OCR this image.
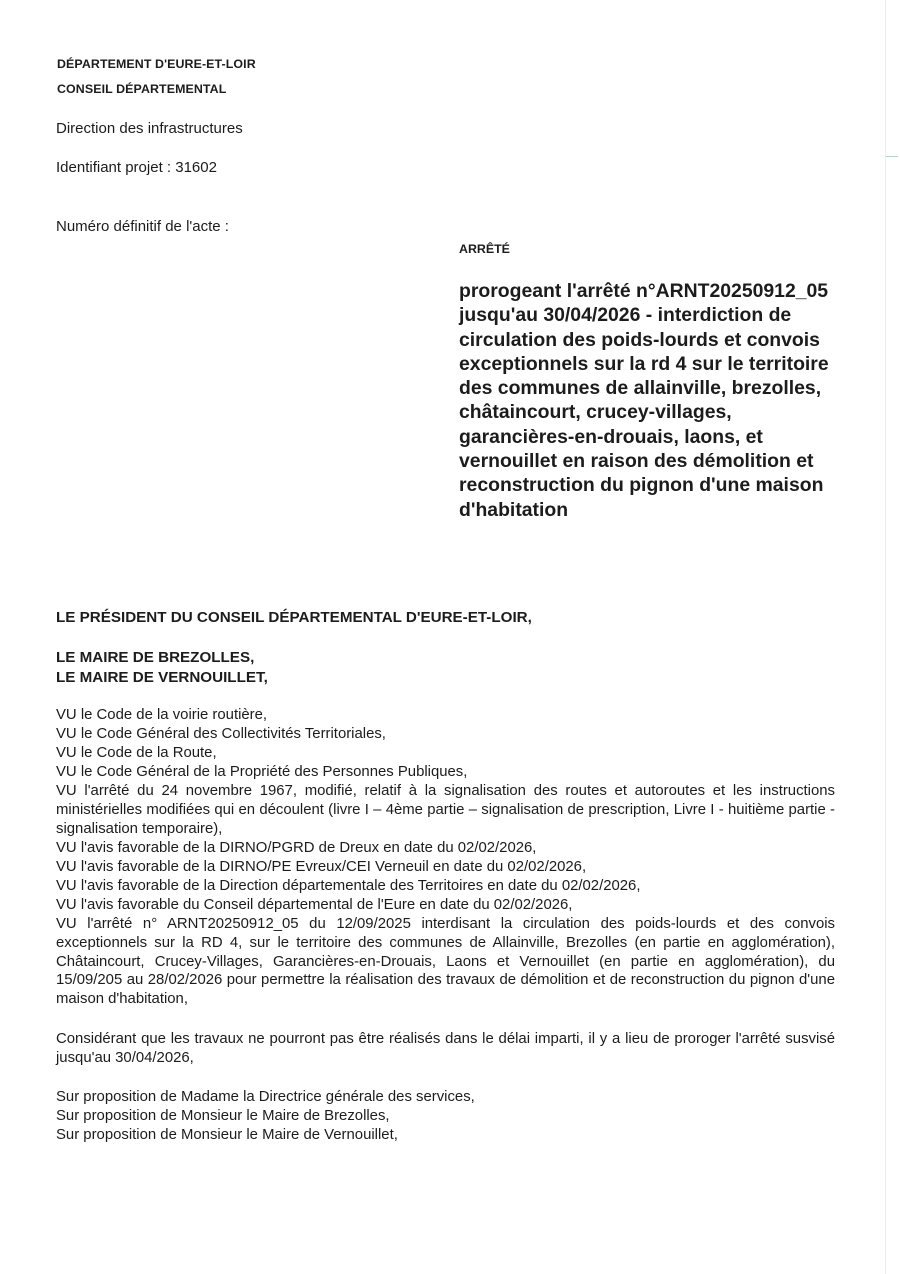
DÉPARTEMENT D'EURE-ET-LOIR
CONSEIL DÉPARTEMENTAL
Direction des infrastructures
Identifiant projet : 31602
Numéro définitif de l'acte :
ARRÊTÉ
prorogeant l'arrêté n°ARNT20250912_05 jusqu'au 30/04/2026 - interdiction de circulation des poids-lourds et convois exceptionnels sur la rd 4 sur le territoire des communes de allainville, brezolles, châtaincourt, crucey-villages, garancières-en-drouais, laons, et vernouillet en raison des démolition et reconstruction du pignon d'une maison d'habitation
LE PRÉSIDENT DU CONSEIL DÉPARTEMENTAL D'EURE-ET-LOIR,
LE MAIRE DE BREZOLLES,
LE MAIRE DE VERNOUILLET,
VU le Code de la voirie routière,
VU le Code Général des Collectivités Territoriales,
VU le Code de la Route,
VU le Code Général de la Propriété des Personnes Publiques,
VU l'arrêté du 24 novembre 1967, modifié, relatif à la signalisation des routes et autoroutes et les instructions ministérielles modifiées qui en découlent (livre I – 4ème partie – signalisation de prescription, Livre I - huitième partie - signalisation temporaire),
VU l'avis favorable de la DIRNO/PGRD de Dreux en date du 02/02/2026,
VU l'avis favorable de la DIRNO/PE Evreux/CEI Verneuil en date du 02/02/2026,
VU l'avis favorable de la Direction départementale des Territoires en date du 02/02/2026,
VU l'avis favorable du Conseil départemental de l'Eure en date du 02/02/2026,
VU l'arrêté n° ARNT20250912_05 du 12/09/2025 interdisant la circulation des poids-lourds et des convois exceptionnels sur la RD 4, sur le territoire des communes de Allainville, Brezolles (en partie en agglomération), Châtaincourt, Crucey-Villages, Garancières-en-Drouais, Laons et Vernouillet (en partie en agglomération), du 15/09/205 au 28/02/2026 pour permettre la réalisation des travaux de démolition et de reconstruction du pignon d'une maison d'habitation,
Considérant que les travaux ne pourront pas être réalisés dans le délai imparti, il y a lieu de proroger l'arrêté susvisé jusqu'au 30/04/2026,
Sur proposition de Madame la Directrice générale des services,
Sur proposition de Monsieur le Maire de Brezolles,
Sur proposition de Monsieur le Maire de Vernouillet,
